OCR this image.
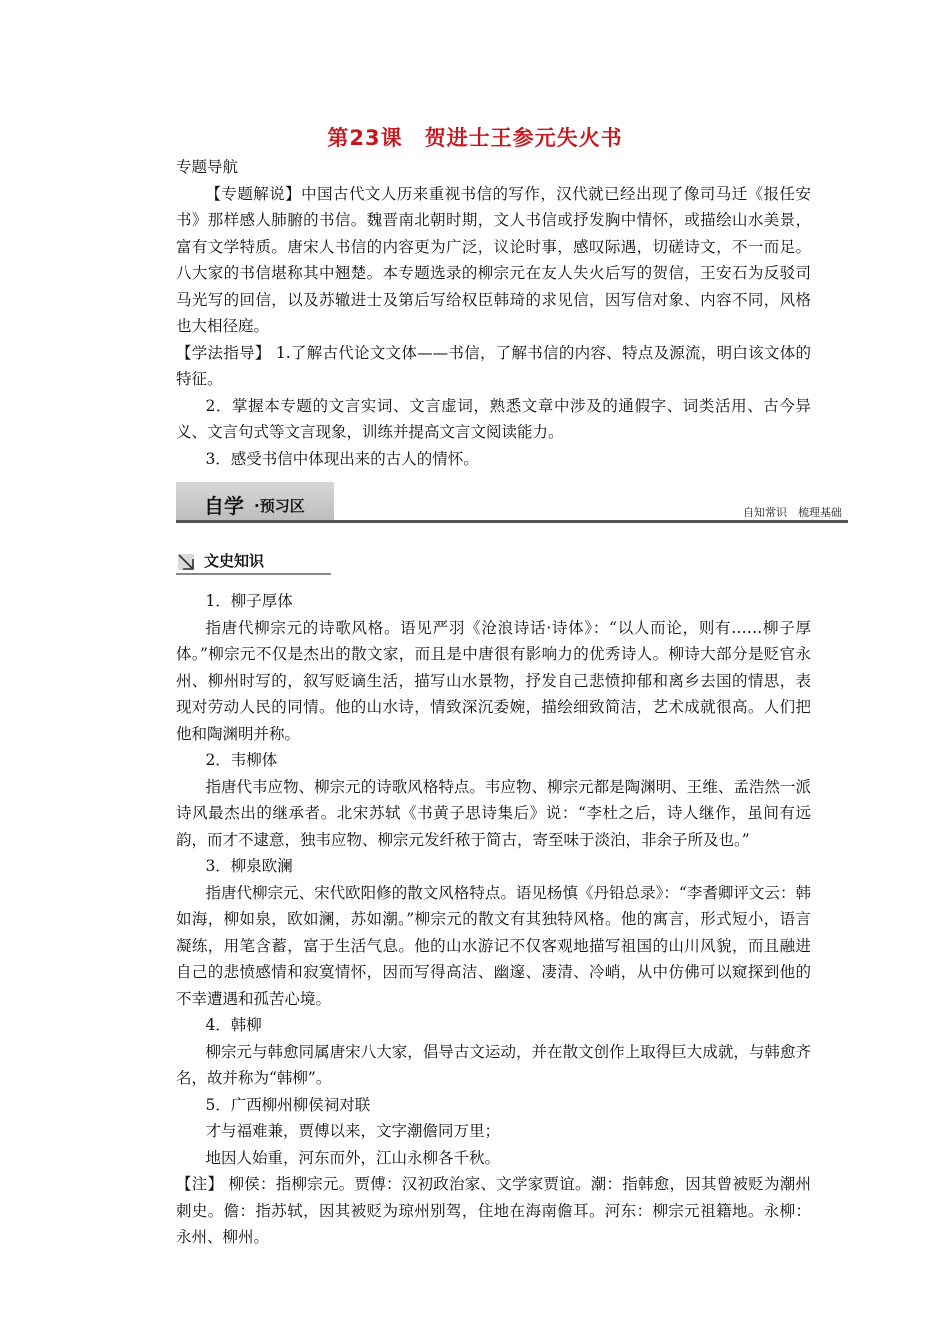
第23课　贺进士王参元失火书

专题导航

【专题解说】中国古代文人历来重视书信的写作，汉代就已经出现了像司马迁《报任安书》那样感人肺腑的书信。魏晋南北朝时期，文人书信或抒发胸中情怀，或描绘山水美景，富有文学特质。唐宋人书信的内容更为广泛，议论时事，感叹际遇，切磋诗文，不一而足。八大家的书信堪称其中翘楚。本专题选录的柳宗元在友人失火后写的贺信，王安石为反驳司马光写的回信，以及苏辙进士及第后写给权臣韩琦的求见信，因写信对象、内容不同，风格也大相径庭。

【学法指导】 1.了解古代论文文体——书信，了解书信的内容、特点及源流，明白该文体的特征。

2．掌握本专题的文言实词、文言虚词，熟悉文章中涉及的通假字、词类活用、古今异义、文言句式等文言现象，训练并提高文言文阅读能力。

3．感受书信中体现出来的古人的情怀。

自学 ·预习区	自知常识　梳理基础
文史知识

1．柳子厚体

指唐代柳宗元的诗歌风格。语见严羽《沧浪诗话·诗体》：“以人而论，则有……柳子厚体。”柳宗元不仅是杰出的散文家，而且是中唐很有影响力的优秀诗人。柳诗大部分是贬官永州、柳州时写的，叙写贬谪生活，描写山水景物，抒发自己悲愤抑郁和离乡去国的情思，表现对劳动人民的同情。他的山水诗，情致深沉委婉，描绘细致简洁，艺术成就很高。人们把他和陶渊明并称。

2．韦柳体

指唐代韦应物、柳宗元的诗歌风格特点。韦应物、柳宗元都是陶渊明、王维、孟浩然一派诗风最杰出的继承者。北宋苏轼《书黄子思诗集后》说：“李杜之后，诗人继作，虽间有远韵，而才不逮意，独韦应物、柳宗元发纤秾于简古，寄至味于淡泊，非余子所及也。”

3．柳泉欧澜

指唐代柳宗元、宋代欧阳修的散文风格特点。语见杨慎《丹铅总录》：“李耆卿评文云：韩如海，柳如泉，欧如澜，苏如潮。”柳宗元的散文有其独特风格。他的寓言，形式短小，语言凝练，用笔含蓄，富于生活气息。他的山水游记不仅客观地描写祖国的山川风貌，而且融进自己的悲愤感情和寂寞情怀，因而写得高洁、幽邃、凄清、冷峭，从中仿佛可以窥探到他的不幸遭遇和孤苦心境。

4．韩柳

柳宗元与韩愈同属唐宋八大家，倡导古文运动，并在散文创作上取得巨大成就，与韩愈齐名，故并称为“韩柳”。

5．广西柳州柳侯祠对联

才与福难兼，贾傅以来，文字潮儋同万里；

地因人始重，河东而外，江山永柳各千秋。

【注】 柳侯：指柳宗元。贾傅：汉初政治家、文学家贾谊。潮：指韩愈，因其曾被贬为潮州刺史。儋：指苏轼，因其被贬为琼州别驾，住地在海南儋耳。河东：柳宗元祖籍地。永柳：永州、柳州。
